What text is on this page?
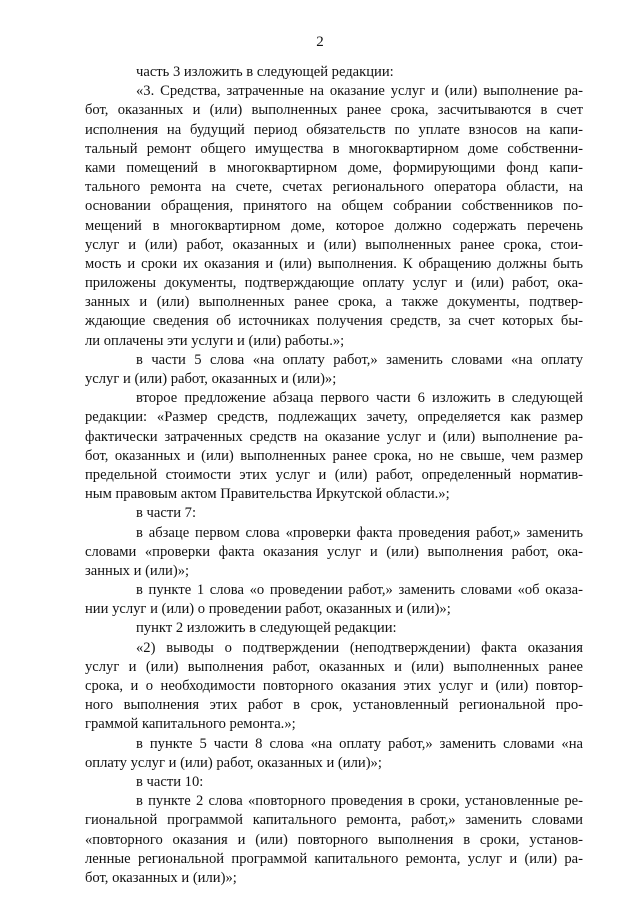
2
часть 3 изложить в следующей редакции:
«3. Средства, затраченные на оказание услуг и (или) выполнение ра-
бот, оказанных и (или) выполненных ранее срока, засчитываются в счет
исполнения на будущий период обязательств по уплате взносов на капи-
тальный ремонт общего имущества в многоквартирном доме собственни-
ками помещений в многоквартирном доме, формирующими фонд капи-
тального ремонта на счете, счетах регионального оператора области, на
основании обращения, принятого на общем собрании собственников по-
мещений в многоквартирном доме, которое должно содержать перечень
услуг и (или) работ, оказанных и (или) выполненных ранее срока, стои-
мость и сроки их оказания и (или) выполнения. К обращению должны быть
приложены документы, подтверждающие оплату услуг и (или) работ, ока-
занных и (или) выполненных ранее срока, а также документы, подтвер-
ждающие сведения об источниках получения средств, за счет которых бы-
ли оплачены эти услуги и (или) работы.»;
в части 5 слова «на оплату работ,» заменить словами «на оплату
услуг и (или) работ, оказанных и (или)»;
второе предложение абзаца первого части 6 изложить в следующей
редакции: «Размер средств, подлежащих зачету, определяется как размер
фактически затраченных средств на оказание услуг и (или) выполнение ра-
бот, оказанных и (или) выполненных ранее срока, но не свыше, чем размер
предельной стоимости этих услуг и (или) работ, определенный норматив-
ным правовым актом Правительства Иркутской области.»;
в части 7:
в абзаце первом слова «проверки факта проведения работ,» заменить
словами «проверки факта оказания услуг и (или) выполнения работ, ока-
занных и (или)»;
в пункте 1 слова «о проведении работ,» заменить словами «об оказа-
нии услуг и (или) о проведении работ, оказанных и (или)»;
пункт 2 изложить в следующей редакции:
«2) выводы о подтверждении (неподтверждении) факта оказания
услуг и (или) выполнения работ, оказанных и (или) выполненных ранее
срока, и о необходимости повторного оказания этих услуг и (или) повтор-
ного выполнения этих работ в срок, установленный региональной про-
граммой капитального ремонта.»;
в пункте 5 части 8 слова «на оплату работ,» заменить словами «на
оплату услуг и (или) работ, оказанных и (или)»;
в части 10:
в пункте 2 слова «повторного проведения в сроки, установленные ре-
гиональной программой капитального ремонта, работ,» заменить словами
«повторного оказания и (или) повторного выполнения в сроки, установ-
ленные региональной программой капитального ремонта, услуг и (или) ра-
бот, оказанных и (или)»;
